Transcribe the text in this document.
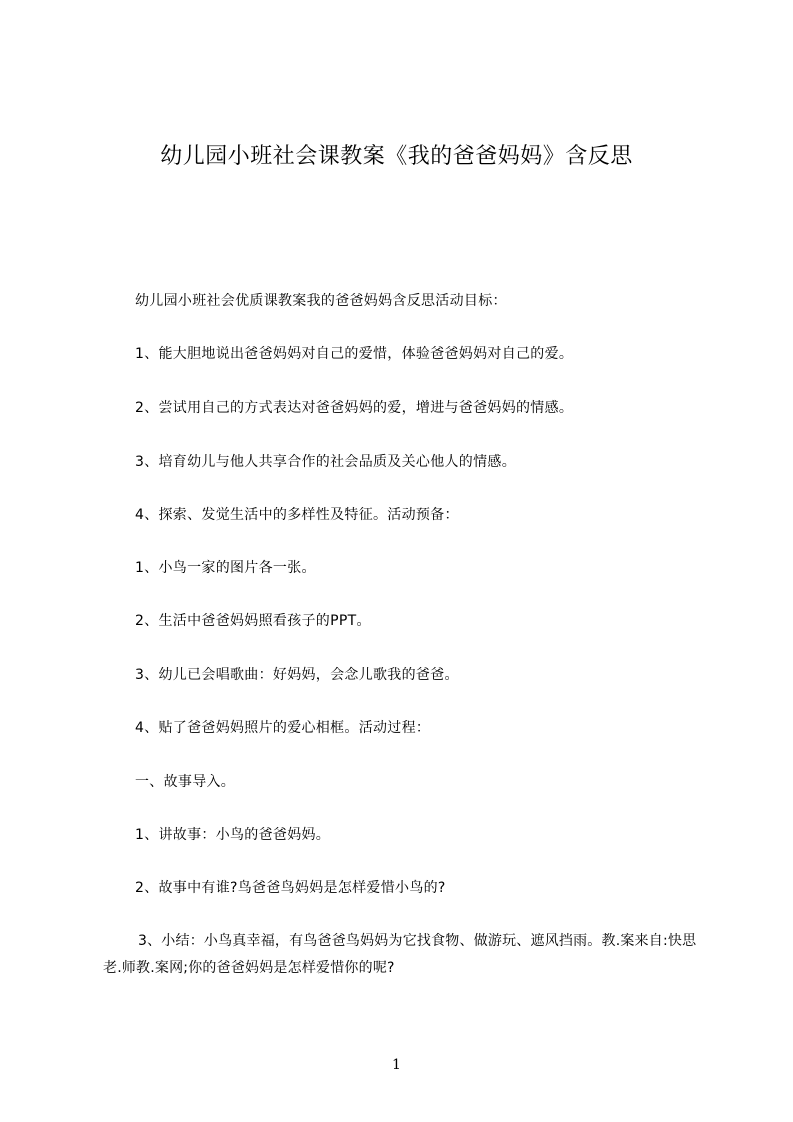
幼儿园小班社会课教案《我的爸爸妈妈》含反思
幼儿园小班社会优质课教案我的爸爸妈妈含反思活动目标：
1、能大胆地说出爸爸妈妈对自己的爱惜，体验爸爸妈妈对自己的爱。
2、尝试用自己的方式表达对爸爸妈妈的爱，增进与爸爸妈妈的情感。
3、培育幼儿与他人共享合作的社会品质及关心他人的情感。
4、探索、发觉生活中的多样性及特征。活动预备：
1、小鸟一家的图片各一张。
2、生活中爸爸妈妈照看孩子的PPT。
3、幼儿已会唱歌曲：好妈妈，会念儿歌我的爸爸。
4、贴了爸爸妈妈照片的爱心相框。活动过程：
一、故事导入。
1、讲故事：小鸟的爸爸妈妈。
2、故事中有谁?鸟爸爸鸟妈妈是怎样爱惜小鸟的?
3、小结：小鸟真幸福，有鸟爸爸鸟妈妈为它找食物、做游玩、遮风挡雨。教.案来自:快思老.师教.案网;你的爸爸妈妈是怎样爱惜你的呢?
1
